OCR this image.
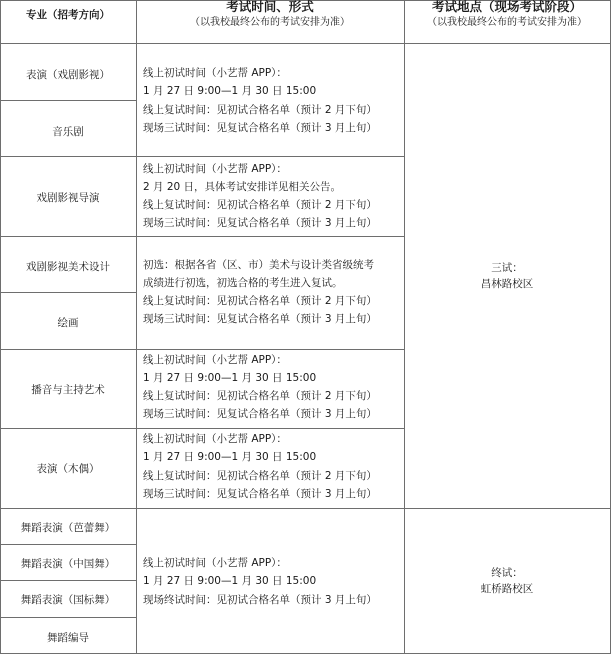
专业（招考方向）
考试时间、形式
（以我校最终公布的考试安排为准）
考试地点（现场考试阶段）
（以我校最终公布的考试安排为准）
表演（戏剧影视）
音乐剧
戏剧影视导演
戏剧影视美术设计
绘画
播音与主持艺术
表演（木偶）
舞蹈表演（芭蕾舞）
舞蹈表演（中国舞）
舞蹈表演（国标舞）
舞蹈编导
线上初试时间（小艺帮 APP）：
1 月 27 日 9:00—1 月 30 日 15:00
线上复试时间：见初试合格名单（预计 2 月下旬）
现场三试时间：见复试合格名单（预计 3 月上旬）
线上初试时间（小艺帮 APP）：
2 月 20 日，具体考试安排详见相关公告。
线上复试时间：见初试合格名单（预计 2 月下旬）
现场三试时间：见复试合格名单（预计 3 月上旬）
初选：根据各省（区、市）美术与设计类省级统考
成绩进行初选，初选合格的考生进入复试。
线上复试时间：见初试合格名单（预计 2 月下旬）
现场三试时间：见复试合格名单（预计 3 月上旬）
线上初试时间（小艺帮 APP）：
1 月 27 日 9:00—1 月 30 日 15:00
线上复试时间：见初试合格名单（预计 2 月下旬）
现场三试时间：见复试合格名单（预计 3 月上旬）
线上初试时间（小艺帮 APP）：
1 月 27 日 9:00—1 月 30 日 15:00
线上复试时间：见初试合格名单（预计 2 月下旬）
现场三试时间：见复试合格名单（预计 3 月上旬）
线上初试时间（小艺帮 APP）：
1 月 27 日 9:00—1 月 30 日 15:00
现场终试时间：见初试合格名单（预计 3 月上旬）
三试：
昌林路校区
终试：
虹桥路校区
